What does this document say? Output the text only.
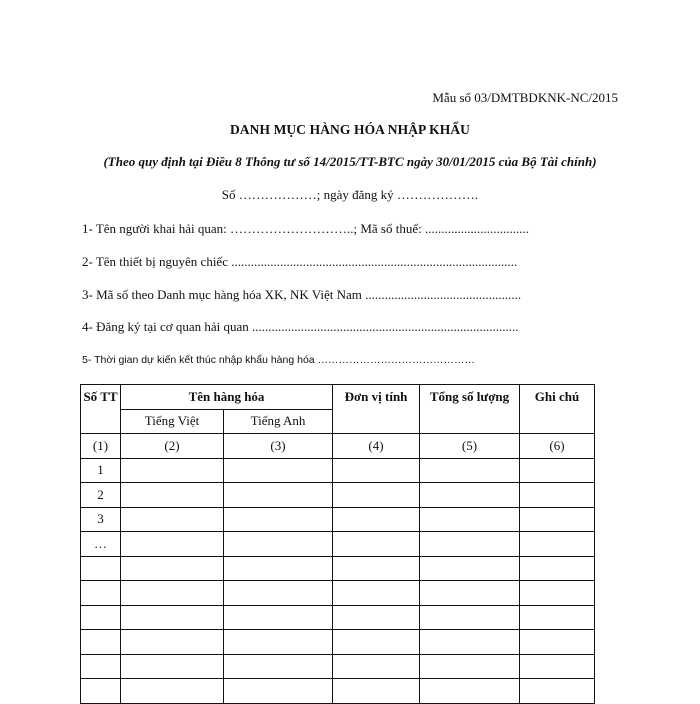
Mẫu số 03/DMTBDKNK-NC/2015
DANH MỤC HÀNG HÓA NHẬP KHẨU
(Theo quy định tại Điều 8 Thông tư số 14/2015/TT-BTC ngày 30/01/2015 của Bộ Tài chính)
Số ………………; ngày đăng ký ……………….
1- Tên người khai hải quan: ………………………..; Mã số thuế: ................................
2- Tên thiết bị nguyên chiếc ........................................................................................
3- Mã số theo Danh mục hàng hóa XK, NK Việt Nam ................................................
4- Đăng ký tại cơ quan hải quan ..................................................................................
5- Thời gian dự kiến kết thúc nhập khẩu hàng hóa ………………………………………
Số TT	Tên hàng hóa		Đơn vị tính	Tổng số lượng	Ghi chú
	Tiếng Việt	Tiếng Anh			
(1)	(2)	(3)	(4)	(5)	(6)
1					
2					
3					
…					
